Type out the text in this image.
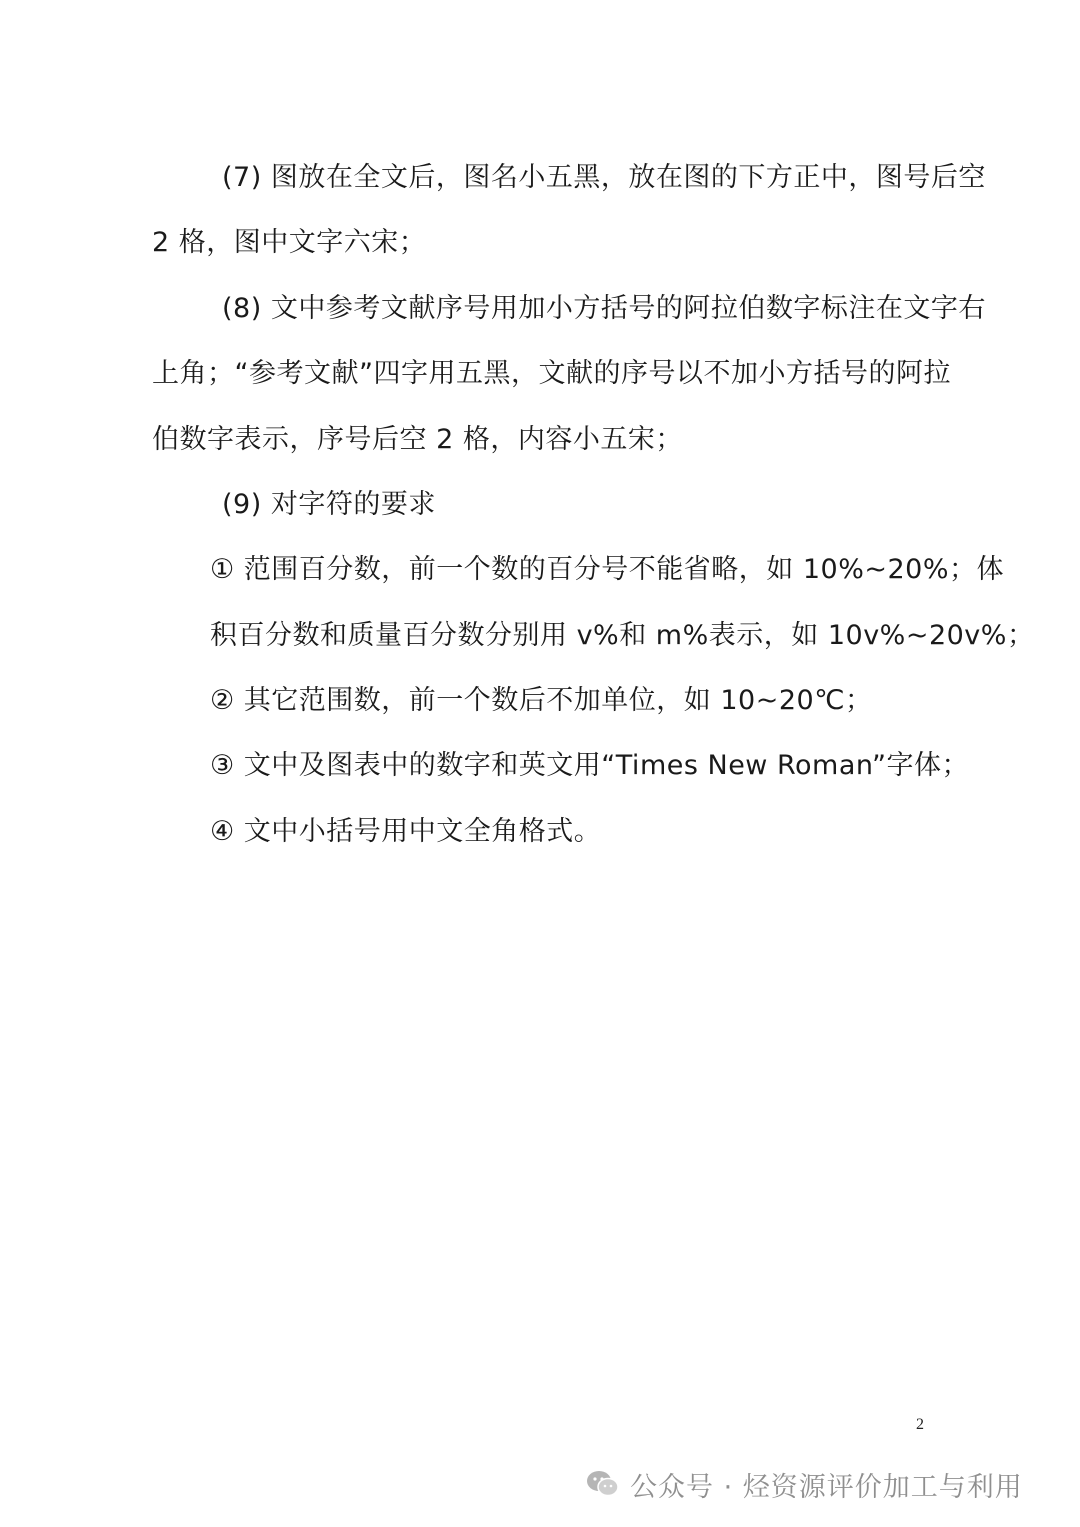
(7) 图放在全文后，图名小五黑，放在图的下方正中，图号后空
2 格，图中文字六宋；
(8) 文中参考文献序号用加小方括号的阿拉伯数字标注在文字右
上角；“参考文献”四字用五黑，文献的序号以不加小方括号的阿拉
伯数字表示，序号后空 2 格，内容小五宋；
(9) 对字符的要求
① 范围百分数，前一个数的百分号不能省略，如 10%~20%；体
积百分数和质量百分数分别用 v%和 m%表示，如 10v%~20v%；
② 其它范围数，前一个数后不加单位，如 10~20℃；
③ 文中及图表中的数字和英文用“Times New Roman”字体；
④ 文中小括号用中文全角格式。
2
公众号 · 烃资源评价加工与利用
